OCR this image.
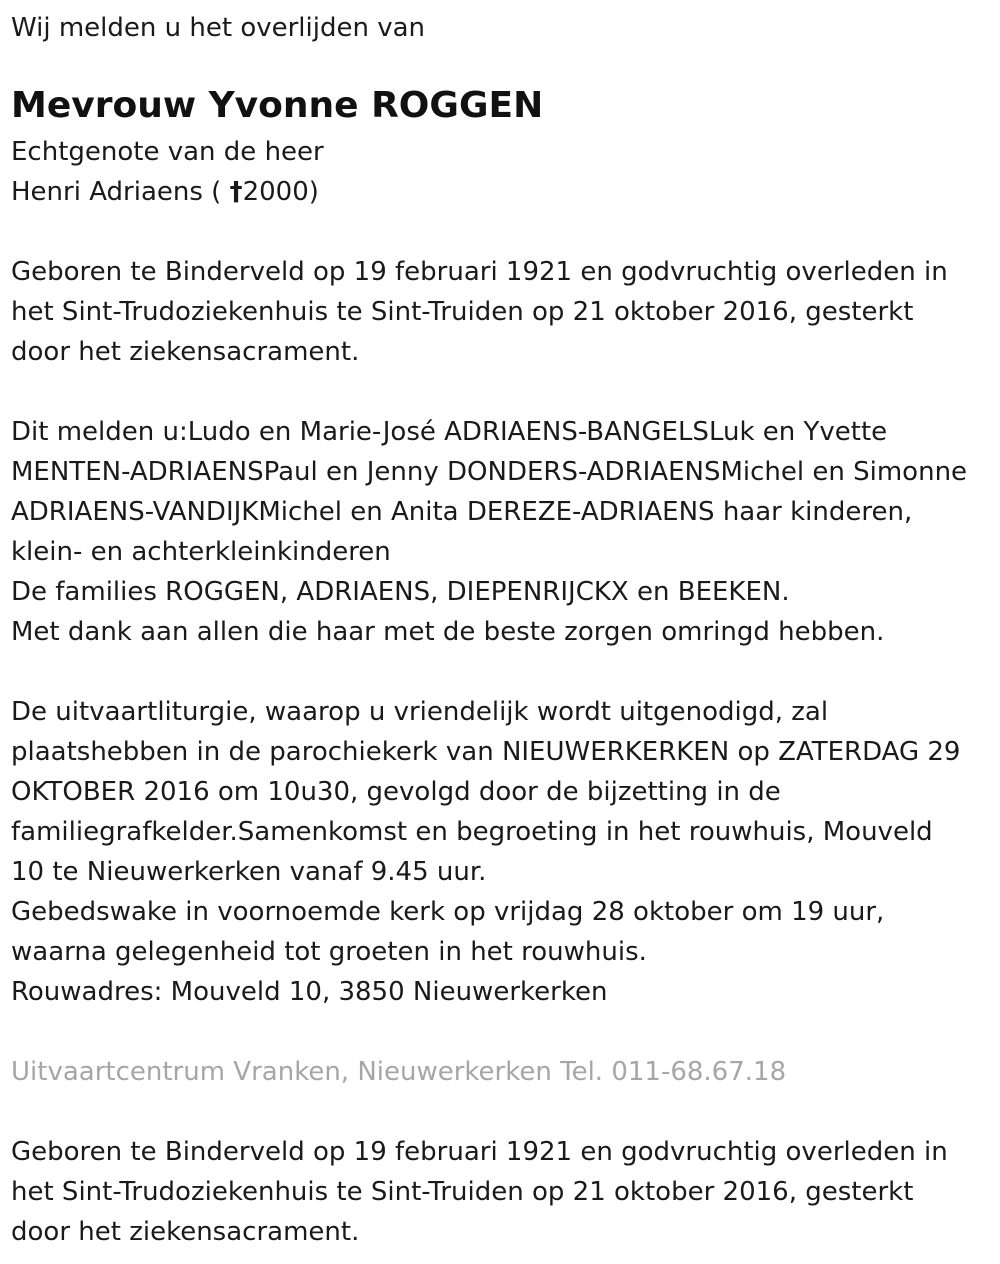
Wij melden u het overlijden van
Mevrouw Yvonne ROGGEN
Echtgenote van de heer
Henri Adriaens ( †2000)
Geboren te Binderveld op 19 februari 1921 en godvruchtig overleden in
het Sint-Trudoziekenhuis te Sint-Truiden op 21 oktober 2016, gesterkt
door het ziekensacrament.
Dit melden u:Ludo en Marie-José ADRIAENS-BANGELSLuk en Yvette
MENTEN-ADRIAENSPaul en Jenny DONDERS-ADRIAENSMichel en Simonne
ADRIAENS-VANDIJKMichel en Anita DEREZE-ADRIAENS haar kinderen,
klein- en achterkleinkinderen
De families ROGGEN, ADRIAENS, DIEPENRIJCKX en BEEKEN.
Met dank aan allen die haar met de beste zorgen omringd hebben.
De uitvaartliturgie, waarop u vriendelijk wordt uitgenodigd, zal
plaatshebben in de parochiekerk van NIEUWERKERKEN op ZATERDAG 29
OKTOBER 2016 om 10u30, gevolgd door de bijzetting in de
familiegrafkelder.Samenkomst en begroeting in het rouwhuis, Mouveld
10 te Nieuwerkerken vanaf 9.45 uur.
Gebedswake in voornoemde kerk op vrijdag 28 oktober om 19 uur,
waarna gelegenheid tot groeten in het rouwhuis.
Rouwadres: Mouveld 10, 3850 Nieuwerkerken
Uitvaartcentrum Vranken, Nieuwerkerken Tel. 011-68.67.18
Geboren te Binderveld op 19 februari 1921 en godvruchtig overleden in
het Sint-Trudoziekenhuis te Sint-Truiden op 21 oktober 2016, gesterkt
door het ziekensacrament.
